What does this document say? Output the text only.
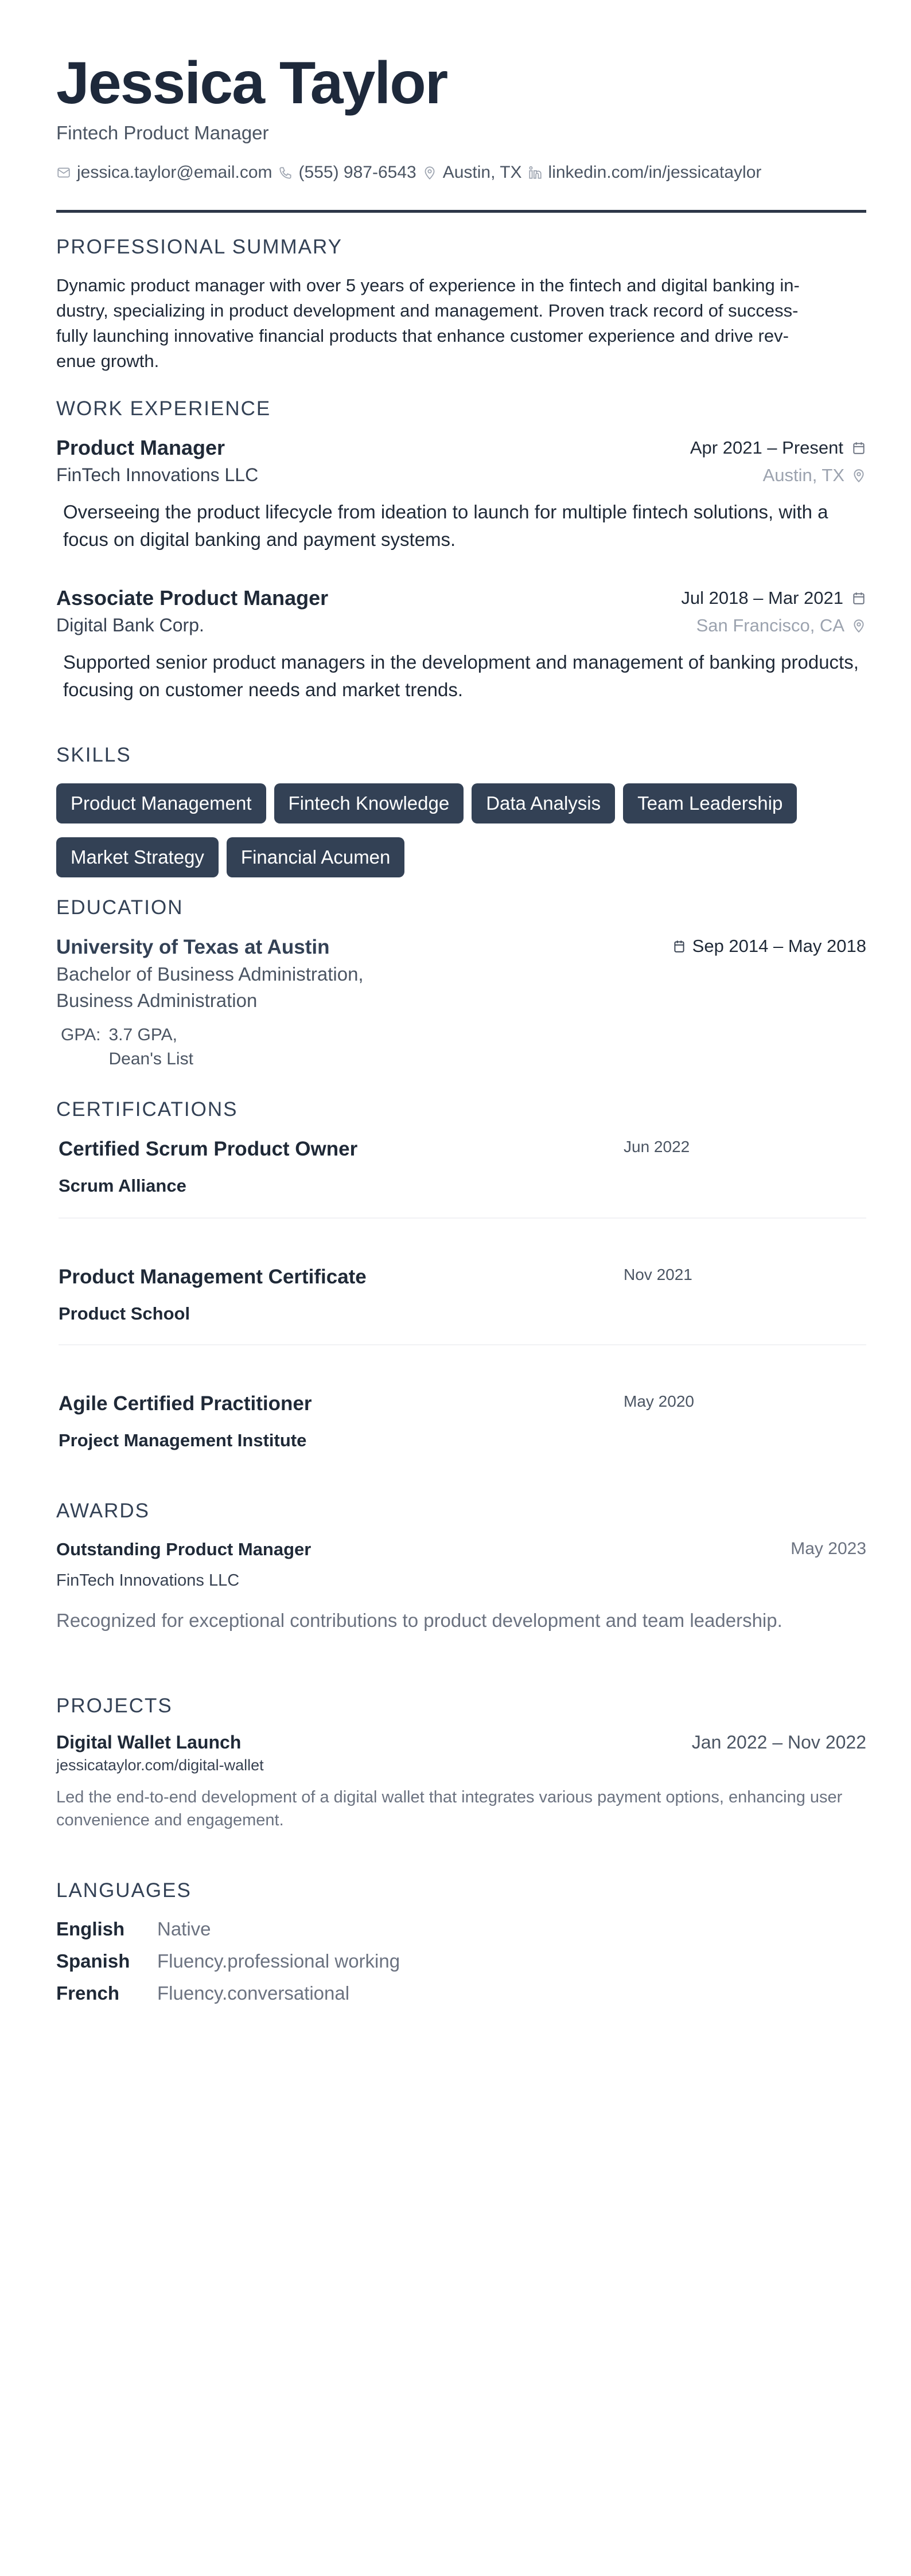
Jessica Taylor
Fintech Product Manager
jessica.taylor@email.com (555) 987-6543 Austin, TX linkedin.com/in/jessicataylor
PROFESSIONAL SUMMARY
Dynamic product manager with over 5 years of experience in the fintech and digital banking in-
dustry, specializing in product development and management. Proven track record of success-
fully launching innovative financial products that enhance customer experience and drive rev-
enue growth.
WORK EXPERIENCE
Product Manager	Apr 2021 – Present
FinTech Innovations LLC	Austin, TX
Overseeing the product lifecycle from ideation to launch for multiple fintech solutions, with a focus on digital banking and payment systems.
Associate Product Manager	Jul 2018 – Mar 2021
Digital Bank Corp.	San Francisco, CA
Supported senior product managers in the development and management of banking products, focusing on customer needs and market trends.
SKILLS
Product Management	Fintech Knowledge	Data Analysis	Team Leadership
Market Strategy	Financial Acumen
EDUCATION
University of Texas at Austin
Bachelor of Business Administration,
Business Administration
GPA: 3.7 GPA,
Dean's List
Sep 2014 – May 2018
CERTIFICATIONS
Certified Scrum Product Owner
Scrum Alliance
Jun 2022
Product Management Certificate
Product School
Nov 2021
Agile Certified Practitioner
Project Management Institute
May 2020
AWARDS
Outstanding Product Manager	May 2023
FinTech Innovations LLC
Recognized for exceptional contributions to product development and team leadership.
PROJECTS
Digital Wallet Launch	Jan 2022 – Nov 2022
jessicataylor.com/digital-wallet
Led the end-to-end development of a digital wallet that integrates various payment options, enhancing user convenience and engagement.
LANGUAGES
English	Native
Spanish	Fluency.professional working
French	Fluency.conversational
